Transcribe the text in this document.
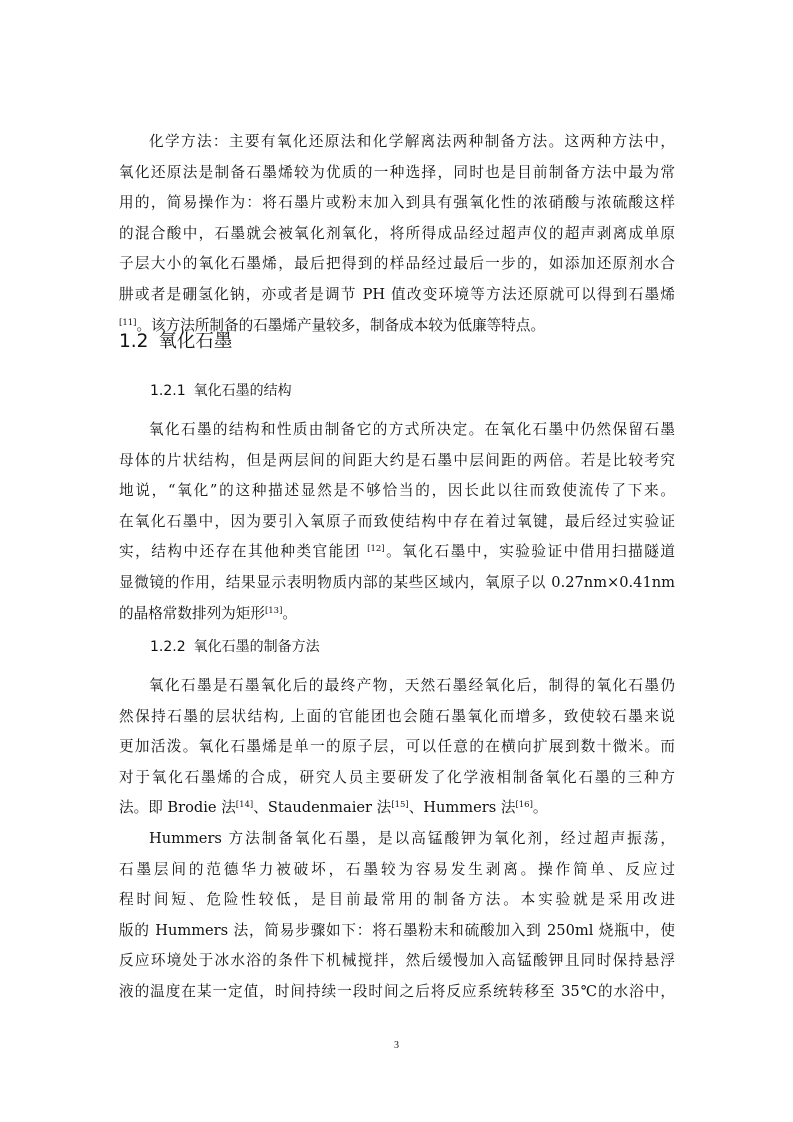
化学方法：主要有氧化还原法和化学解离法两种制备方法。这两种方法中，
氧化还原法是制备石墨烯较为优质的一种选择，同时也是目前制备方法中最为常
用的，简易操作为：将石墨片或粉末加入到具有强氧化性的浓硝酸与浓硫酸这样
的混合酸中，石墨就会被氧化剂氧化，将所得成品经过超声仪的超声剥离成单原
子层大小的氧化石墨烯，最后把得到的样品经过最后一步的，如添加还原剂水合
肼或者是硼氢化钠，亦或者是调节 PH 值改变环境等方法还原就可以得到石墨烯
[11]。该方法所制备的石墨烯产量较多，制备成本较为低廉等特点。
1.2 氧化石墨
1.2.1 氧化石墨的结构
氧化石墨的结构和性质由制备它的方式所决定。在氧化石墨中仍然保留石墨
母体的片状结构，但是两层间的间距大约是石墨中层间距的两倍。若是比较考究
地说，“氧化”的这种描述显然是不够恰当的，因长此以往而致使流传了下来。
在氧化石墨中，因为要引入氧原子而致使结构中存在着过氧键，最后经过实验证
实，结构中还存在其他种类官能团 [12]。氧化石墨中，实验验证中借用扫描隧道
显微镜的作用，结果显示表明物质内部的某些区域内，氧原子以 0.27nm×0.41nm
的晶格常数排列为矩形[13]。
1.2.2 氧化石墨的制备方法
氧化石墨是石墨氧化后的最终产物，天然石墨经氧化后，制得的氧化石墨仍
然保持石墨的层状结构, 上面的官能团也会随石墨氧化而增多，致使较石墨来说
更加活泼。氧化石墨烯是单一的原子层，可以任意的在横向扩展到数十微米。而
对于氧化石墨烯的合成，研究人员主要研发了化学液相制备氧化石墨的三种方
法。即 Brodie 法[14]、Staudenmaier 法[15]、Hummers 法[16]。
Hummers 方法制备氧化石墨，是以高锰酸钾为氧化剂，经过超声振荡，
石墨层间的范德华力被破坏，石墨较为容易发生剥离。操作简单、反应过
程时间短、危险性较低，是目前最常用的制备方法。本实验就是采用改进
版的 Hummers 法，简易步骤如下：将石墨粉末和硫酸加入到 250ml 烧瓶中，使
反应环境处于冰水浴的条件下机械搅拌，然后缓慢加入高锰酸钾且同时保持悬浮
液的温度在某一定值，时间持续一段时间之后将反应系统转移至 35℃的水浴中，
3
